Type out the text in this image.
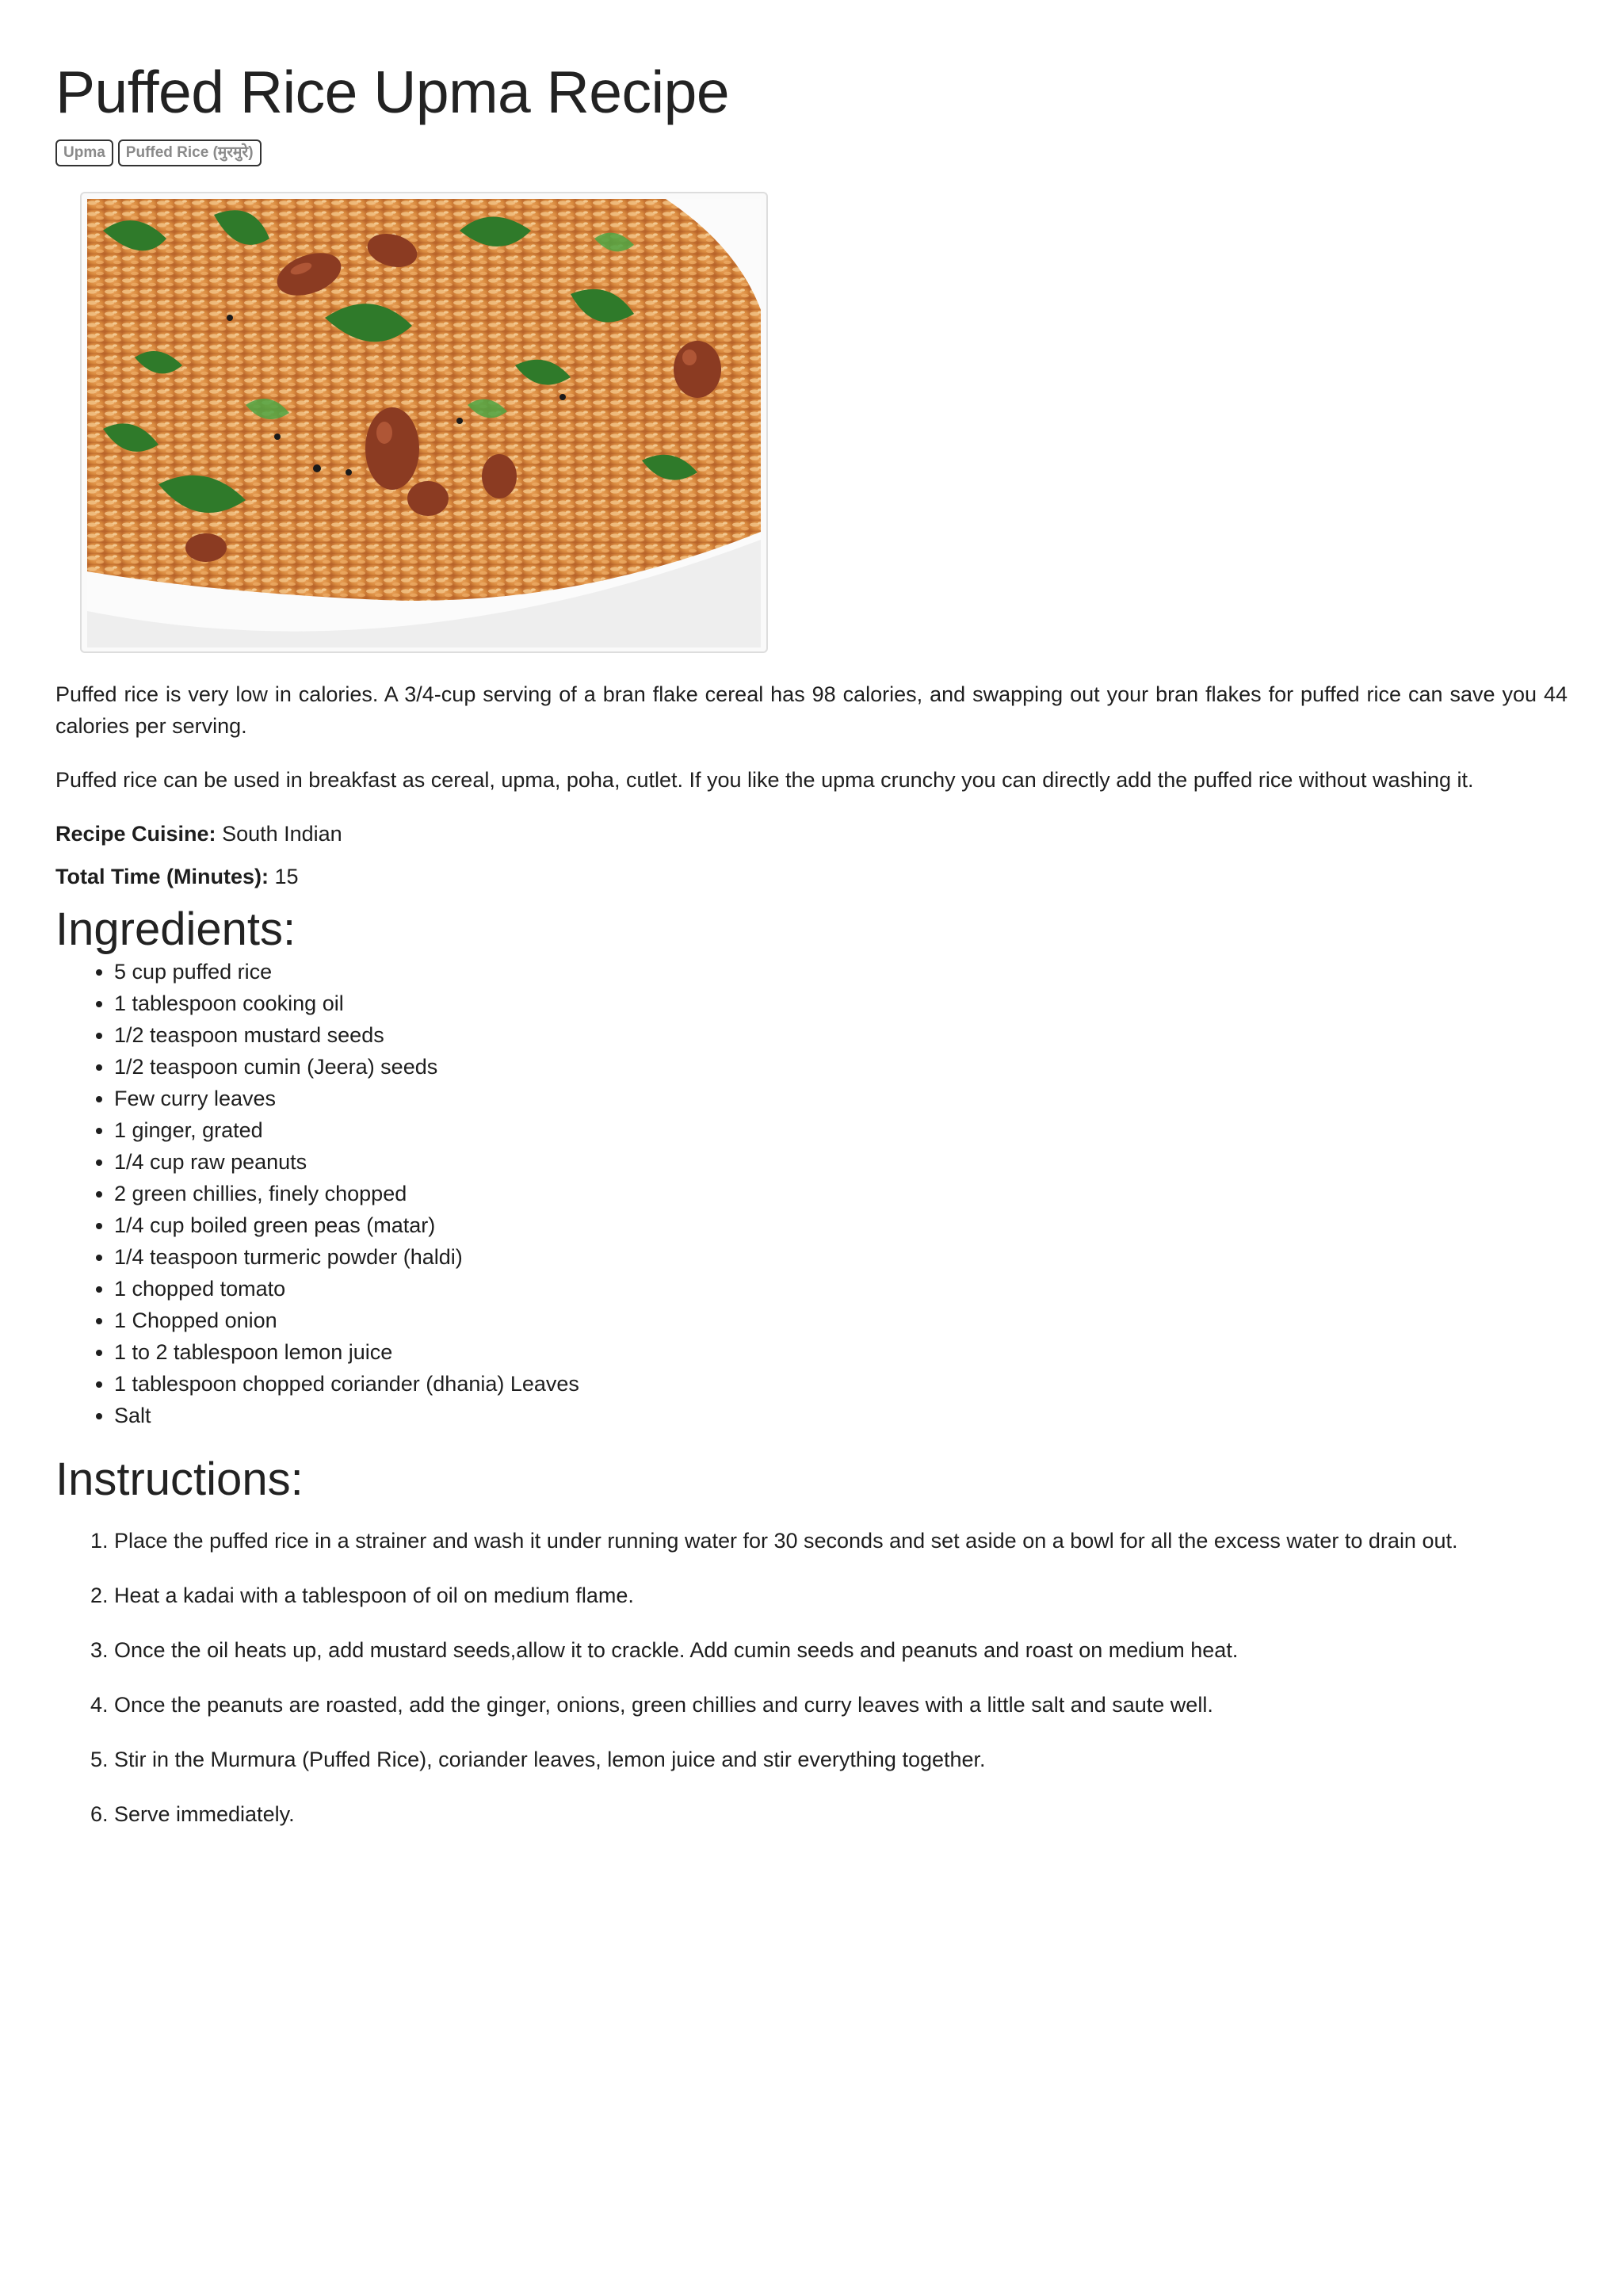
Puffed Rice Upma Recipe
Upma	Puffed Rice (मुरमुरे)

Puffed rice is very low in calories. A 3/4-cup serving of a bran flake cereal has 98 calories, and swapping out your bran flakes for puffed rice can save you 44 calories per serving.

Puffed rice can be used in breakfast as cereal, upma, poha, cutlet. If you like the upma crunchy you can directly add the puffed rice without washing it.

Recipe Cuisine: South Indian

Total Time (Minutes): 15

Ingredients:
• 5 cup puffed rice
• 1 tablespoon cooking oil
• 1/2 teaspoon mustard seeds
• 1/2 teaspoon cumin (Jeera) seeds
• Few curry leaves
• 1 ginger, grated
• 1/4 cup raw peanuts
• 2 green chillies, finely chopped
• 1/4 cup boiled green peas (matar)
• 1/4 teaspoon turmeric powder (haldi)
• 1 chopped tomato
• 1 Chopped onion
• 1 to 2 tablespoon lemon juice
• 1 tablespoon chopped coriander (dhania) Leaves
• Salt
Instructions:
1. Place the puffed rice in a strainer and wash it under running water for 30 seconds and set aside on a bowl for all the excess water to drain out.
2. Heat a kadai with a tablespoon of oil on medium flame.
3. Once the oil heats up, add mustard seeds,allow it to crackle. Add cumin seeds and peanuts and roast on medium heat.
4. Once the peanuts are roasted, add the ginger, onions, green chillies and curry leaves with a little salt and saute well.
5. Stir in the Murmura (Puffed Rice), coriander leaves, lemon juice and stir everything together.
6. Serve immediately.
